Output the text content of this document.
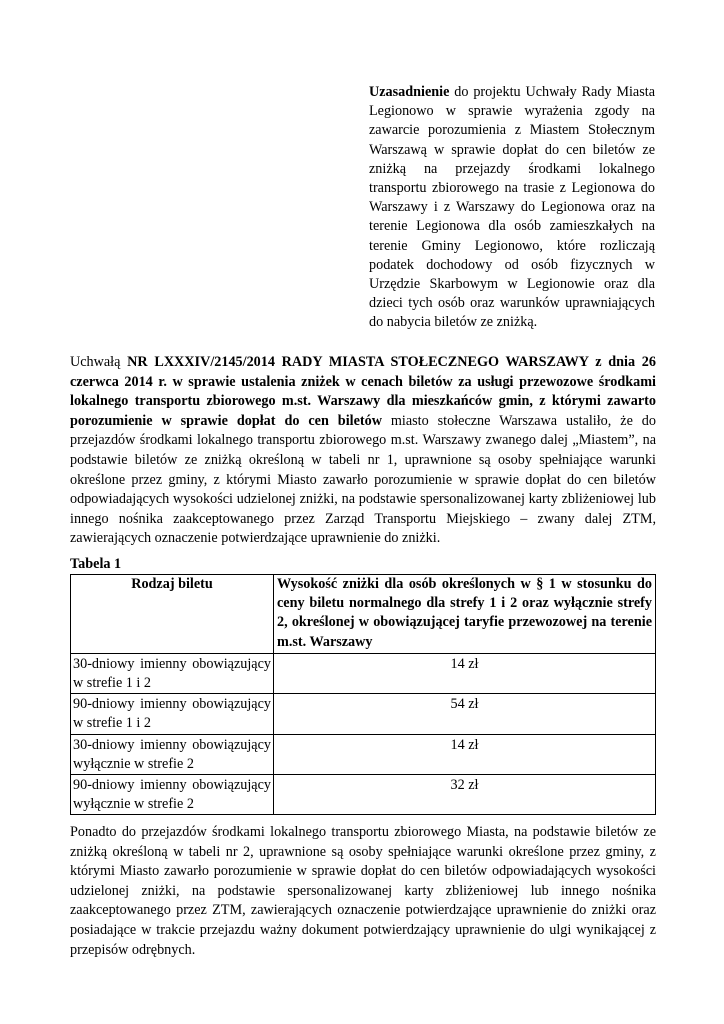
Uzasadnienie do projektu Uchwały Rady Miasta Legionowo w sprawie wyrażenia zgody na zawarcie porozumienia z Miastem Stołecznym Warszawą w sprawie dopłat do cen biletów ze zniżką na przejazdy środkami lokalnego transportu zbiorowego na trasie z Legionowa do Warszawy i z Warszawy do Legionowa oraz na terenie Legionowa dla osób zamieszkałych na terenie Gminy Legionowo, które rozliczają podatek dochodowy od osób fizycznych w Urzędzie Skarbowym w Legionowie oraz dla dzieci tych osób oraz warunków uprawniających do nabycia biletów ze zniżką.
Uchwałą NR LXXXIV/2145/2014 RADY MIASTA STOŁECZNEGO WARSZAWY z dnia 26 czerwca 2014 r. w sprawie ustalenia zniżek w cenach biletów za usługi przewozowe środkami lokalnego transportu zbiorowego m.st. Warszawy dla mieszkańców gmin, z którymi zawarto porozumienie w sprawie dopłat do cen biletów miasto stołeczne Warszawa ustaliło, że do przejazdów środkami lokalnego transportu zbiorowego m.st. Warszawy zwanego dalej „Miastem”, na podstawie biletów ze zniżką określoną w tabeli nr 1, uprawnione są osoby spełniające warunki określone przez gminy, z którymi Miasto zawarło porozumienie w sprawie dopłat do cen biletów odpowiadających wysokości udzielonej zniżki, na podstawie spersonalizowanej karty zbliżeniowej lub innego nośnika zaakceptowanego przez Zarząd Transportu Miejskiego – zwany dalej ZTM, zawierających oznaczenie potwierdzające uprawnienie do zniżki.
Tabela 1
Rodzaj biletu	Wysokość zniżki dla osób określonych w § 1 w stosunku do ceny biletu normalnego dla strefy 1 i 2 oraz wyłącznie strefy 2, określonej w obowiązującej taryfie przewozowej na terenie m.st. Warszawy
30-dniowy imienny obowiązujący w strefie 1 i 2	14 zł
90-dniowy imienny obowiązujący w strefie 1 i 2	54 zł
30-dniowy imienny obowiązujący wyłącznie w strefie 2	14 zł
90-dniowy imienny obowiązujący wyłącznie w strefie 2	32 zł
Ponadto do przejazdów środkami lokalnego transportu zbiorowego Miasta, na podstawie biletów ze zniżką określoną w tabeli nr 2, uprawnione są osoby spełniające warunki określone przez gminy, z którymi Miasto zawarło porozumienie w sprawie dopłat do cen biletów odpowiadających wysokości udzielonej zniżki, na podstawie spersonalizowanej karty zbliżeniowej lub innego nośnika zaakceptowanego przez ZTM, zawierających oznaczenie potwierdzające uprawnienie do zniżki oraz posiadające w trakcie przejazdu ważny dokument potwierdzający uprawnienie do ulgi wynikającej z przepisów odrębnych.
